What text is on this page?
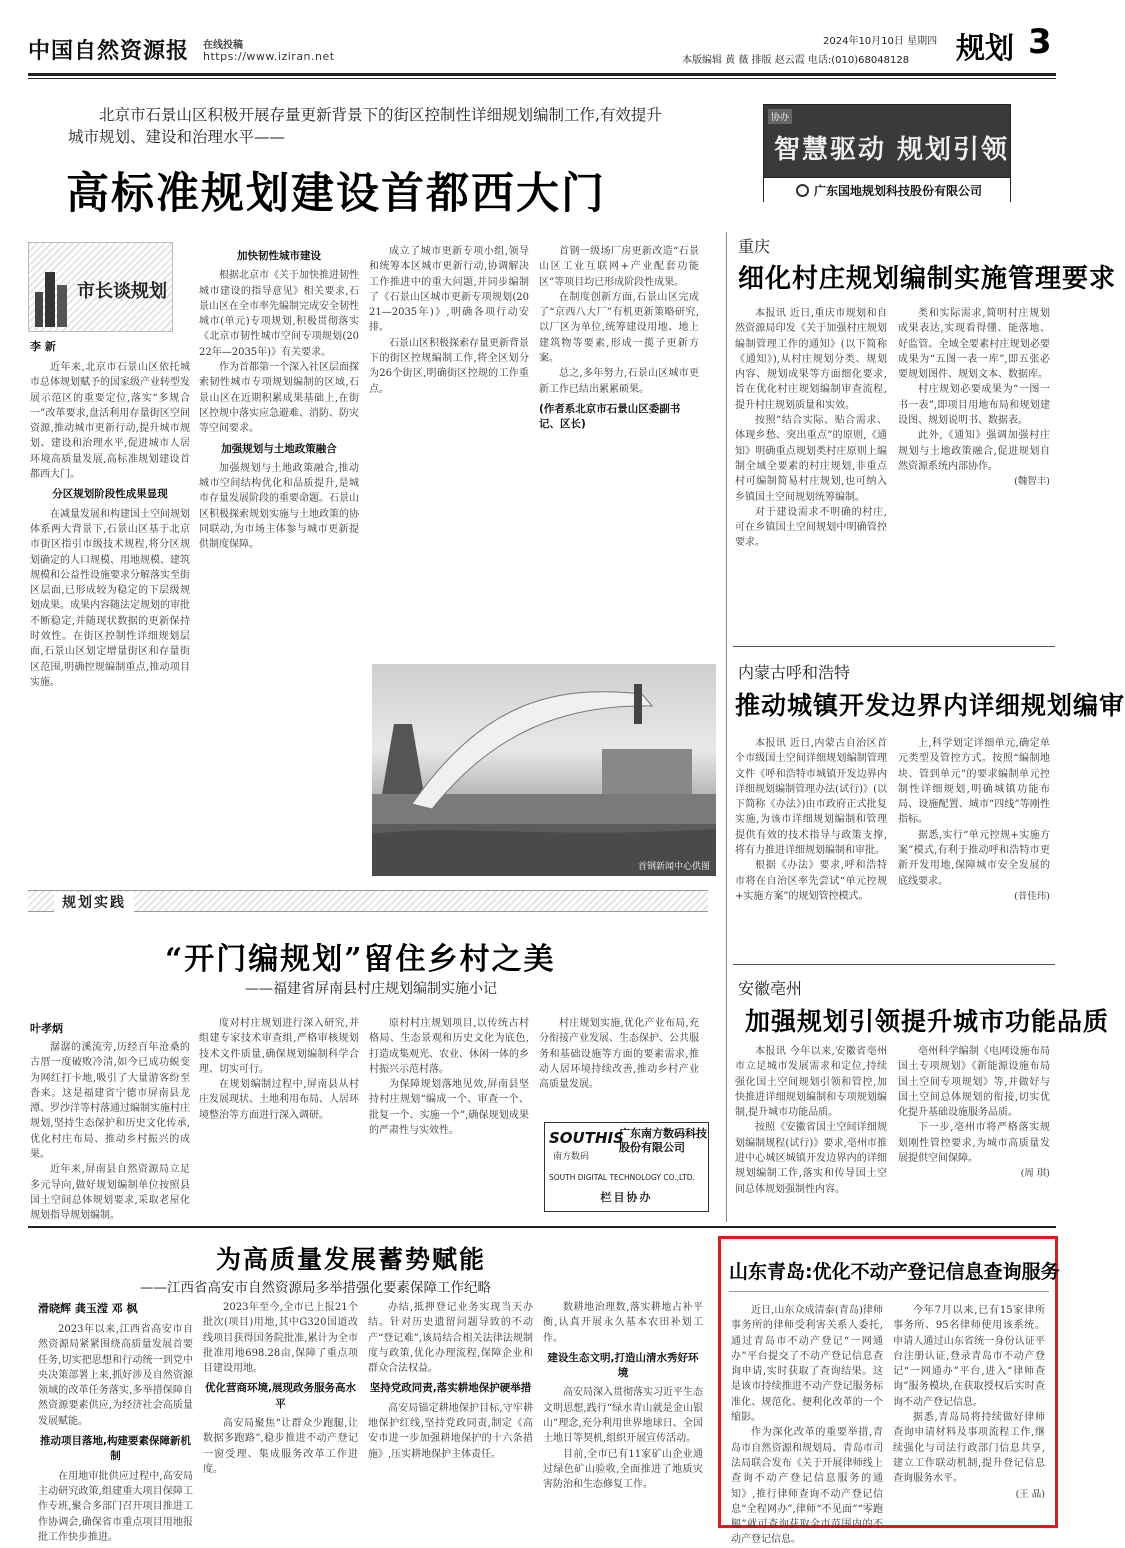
中国自然资源报 在线投稿
https://www.iziran.net
2024年10月10日 星期四
本版编辑 黄 薇 排版 赵云霞 电话:(010)68048128 规划 3
北京市石景山区积极开展存量更新背景下的街区控制性详细规划编制工作,有效提升城市规划、建设和治理水平——
高标准规划建设首都西大门
协办
智慧驱动 规划引领
广东国地规划科技股份有限公司
市长谈规划
李 新

近年来,北京市石景山区依托城市总体规划赋予的国家级产业转型发展示范区的重要定位,落实“多规合一”改革要求,盘活利用存量街区空间资源,推动城市更新行动,提升城市规划、建设和治理水平,促进城市人居环境高质量发展,高标准规划建设首都西大门。

分区规划阶段性成果显现

在减量发展和构建国土空间规划体系两大背景下,石景山区基于北京市街区指引市级技术规程,将分区规划确定的人口规模、用地规模、建筑规模和公益性设施要求分解落实至街区层面,已形成较为稳定的下层级规划成果。成果内容随法定规划的审批不断稳定,并随现状数据的更新保持时效性。在街区控制性详细规划层面,石景山区划定增量街区和存量街区范围,明确控规编制重点,推动项目实施。

加快韧性城市建设

根据北京市《关于加快推进韧性城市建设的指导意见》相关要求,石景山区在全市率先编制完成安全韧性城市(单元)专项规划,积极贯彻落实《北京市韧性城市空间专项规划(2022年—2035年)》有关要求。

作为首都第一个深入社区层面探索韧性城市专项规划编制的区域,石景山区在近期积累成果基础上,在街区控规中落实应急避难、消防、防灾等空间要求。

加强规划与土地政策融合

加强规划与土地政策融合,推动城市空间结构优化和品质提升,是城市存量发展阶段的重要命题。石景山区积极探索规划实施与土地政策的协同联动,为市场主体参与城市更新提供制度保障。

成立了城市更新专项小组,领导和统筹本区城市更新行动,协调解决工作推进中的重大问题,并同步编制了《石景山区城市更新专项规划(2021—2035年)》,明确各项行动安排。

石景山区积极探索存量更新背景下的街区控规编制工作,将全区划分为26个街区,明确街区控规的工作重点。

首钢一级场厂房更新改造“石景山区工业互联网+产业配套功能区”等项目均已形成阶段性成果。

在制度创新方面,石景山区完成了“京西八大厂”有机更新策略研究,以厂区为单位,统筹建设用地、地上建筑物等要素,形成一揽子更新方案。

总之,多年努力,石景山区城市更新工作已结出累累硕果。

(作者系北京市石景山区委副书记、区长)

首钢新闻中心供图
重庆
细化村庄规划编制实施管理要求

本报讯 近日,重庆市规划和自然资源局印发《关于加强村庄规划编制管理工作的通知》(以下简称《通知》),从村庄规划分类、规划内容、规划成果等方面细化要求,旨在优化村庄规划编制审查流程,提升村庄规划质量和实效。

按照“结合实际、贴合需求、体现乡愁、突出重点”的原则,《通知》明确重点规划类村庄原则上编制全域全要素的村庄规划,非重点村可编制简易村庄规划,也可纳入乡镇国土空间规划统筹编制。

对于建设需求不明确的村庄,可在乡镇国土空间规划中明确管控要求。

类和实际需求,简明村庄规划成果表达,实现看得懂、能落地、好监管。全域全要素村庄规划必要成果为“五图一表一库”,即五张必要规划图件、规划文本、数据库。

村庄规划必要成果为“一图一书一表”,即项目用地布局和规划建设图、规划说明书、数据表。

此外,《通知》强调加强村庄规划与土地政策融合,促进规划自然资源系统内部协作。

(魏智丰)

内蒙古呼和浩特
推动城镇开发边界内详细规划编审

本报讯 近日,内蒙古自治区首个市级国土空间详细规划编制管理文件《呼和浩特市城镇开发边界内详细规划编制管理办法(试行)》(以下简称《办法》)由市政府正式批复实施,为该市详细规划编制和管理提供有效的技术指导与政策支撑,将有力推进详细规划编制和审批。

根据《办法》要求,呼和浩特市将在自治区率先尝试“单元控规+实施方案”的规划管控模式。

上,科学划定详细单元,确定单元类型及管控方式。按照“编制地块、管到单元”的要求编制单元控制性详细规划,明确城镇功能布局、设施配置、城市“四线”等刚性指标。

据悉,实行“单元控规+实施方案”模式,有利于推动呼和浩特市更新开发用地,保障城市安全发展的底线要求。

(昔佳玮)

安徽亳州
加强规划引领提升城市功能品质

本报讯 今年以来,安徽省亳州市立足城市发展需求和定位,持续强化国土空间规划引领和管控,加快推进详细规划编制和专项规划编制,提升城市功能品质。

按照《安徽省国土空间详细规划编制规程(试行)》要求,亳州市推进中心城区城镇开发边界内的详细规划编制工作,落实和传导国土空间总体规划强制性内容。

亳州科学编制《电网设施布局国土专项规划》《新能源设施布局国土空间专项规划》等,并做好与国土空间总体规划的衔接,切实优化提升基础设施服务品质。

下一步,亳州市将严格落实规划刚性管控要求,为城市高质量发展提供空间保障。

(周 琪)

规划实践
“开门编规划”留住乡村之美
——福建省屏南县村庄规划编制实施小记
叶孝炳

潺潺的溪流旁,历经百年沧桑的古厝一度破败冷清,如今已成功蜕变为网红打卡地,吸引了大量游客纷至沓来。这是福建省宁德市屏南县龙潭、罗沙洋等村落通过编制实施村庄规划,坚持生态保护和历史文化传承,优化村庄布局、推动乡村振兴的成果。

近年来,屏南县自然资源局立足多元导向,做好规划编制单位按照县国土空间总体规划要求,采取老屋化规划指导规划编制。

度对村庄规划进行深入研究,并组建专家技术审查组,严格审核规划技术文件质量,确保规划编制科学合理、切实可行。

在规划编制过程中,屏南县从村庄发展现状、土地利用布局、人居环境整治等方面进行深入调研。

原村村庄规划项目,以传统古村格局、生态景观和历史文化为底色,打造成集观光、农业、休闲一体的乡村振兴示范村落。

为保障规划落地见效,屏南县坚持村庄规划“编成一个、审查一个、批复一个、实施一个”,确保规划成果的严肃性与实效性。

村庄规划实施,优化产业布局,充分衔接产业发展、生态保护、公共服务和基础设施等方面的要素需求,推动人居环境持续改善,推动乡村产业高质量发展。

SOUTHIS
南方数码
广东南方数码科技股份有限公司
SOUTH DIGITAL TECHNOLOGY CO.,LTD.
栏目协办
为高质量发展蓄势赋能
——江西省高安市自然资源局多举措强化要素保障工作纪略
滑晓辉 龚玉滢 邓 枫

2023年以来,江西省高安市自然资源局紧紧围绕高质量发展首要任务,切实把思想和行动统一到党中央决策部署上来,抓好涉及自然资源领域的改革任务落实,多举措保障自然资源要素供应,为经济社会高质量发展赋能。

推动项目落地,构建要素保障新机制

在用地审批供应过程中,高安局主动研究政策,组建重大项目保障工作专班,聚合多部门召开项目推进工作协调会,确保省市重点项目用地报批工作快步推进。

2023年至今,全市已上报21个批次(项目)用地,其中G320国道改线项目获得国务院批准,累计为全市批准用地698.28亩,保障了重点项目建设用地。

优化营商环境,展现政务服务高水平

高安局聚焦“让群众少跑腿,让数据多跑路”,稳步推进不动产登记一窗受理、集成服务改革工作进度。

办结,抵押登记业务实现当天办结。针对历史遗留问题导致的不动产“登记难”,该局结合相关法律法规制度与政策,优化办理流程,保障企业和群众合法权益。

坚持党政同责,落实耕地保护硬举措

高安局锚定耕地保护目标,守牢耕地保护红线,坚持党政同责,制定《高安市进一步加强耕地保护的十六条措施》,压实耕地保护主体责任。

数耕地治理数,落实耕地占补平衡,认真开展永久基本农田补划工作。

建设生态文明,打造山清水秀好环境

高安局深入贯彻落实习近平生态文明思想,践行“绿水青山就是金山银山”理念,充分利用世界地球日、全国土地日等契机,组织开展宣传活动。

目前,全市已有11家矿山企业通过绿色矿山验收,全面推进了地质灾害防治和生态修复工作。

山东青岛:优化不动产登记信息查询服务

近日,山东众成清泰(青岛)律师事务所的律师受利害关系人委托,通过青岛市不动产登记“一网通办”平台提交了不动产登记信息查询申请,实时获取了查询结果。这是该市持续推进不动产登记服务标准化、规范化、便利化改革的一个缩影。

作为深化改革的重要举措,青岛市自然资源和规划局、青岛市司法局联合发布《关于开展律师线上查询不动产登记信息服务的通知》,推行律师查询不动产登记信息“全程网办”,律师“不见面”“零跑腿”就可查询获取全市范围内的不动产登记信息。

今年7月以来,已有15家律所事务所、95名律师使用该系统。申请人通过山东省统一身份认证平台注册认证,登录青岛市不动产登记“一网通办”平台,进入“律师查询”服务模块,在获取授权后实时查询不动产登记信息。

据悉,青岛局将持续做好律师查询申请材料及事项流程工作,继续强化与司法行政部门信息共享,建立工作联动机制,提升登记信息查询服务水平。

(王 晶)
